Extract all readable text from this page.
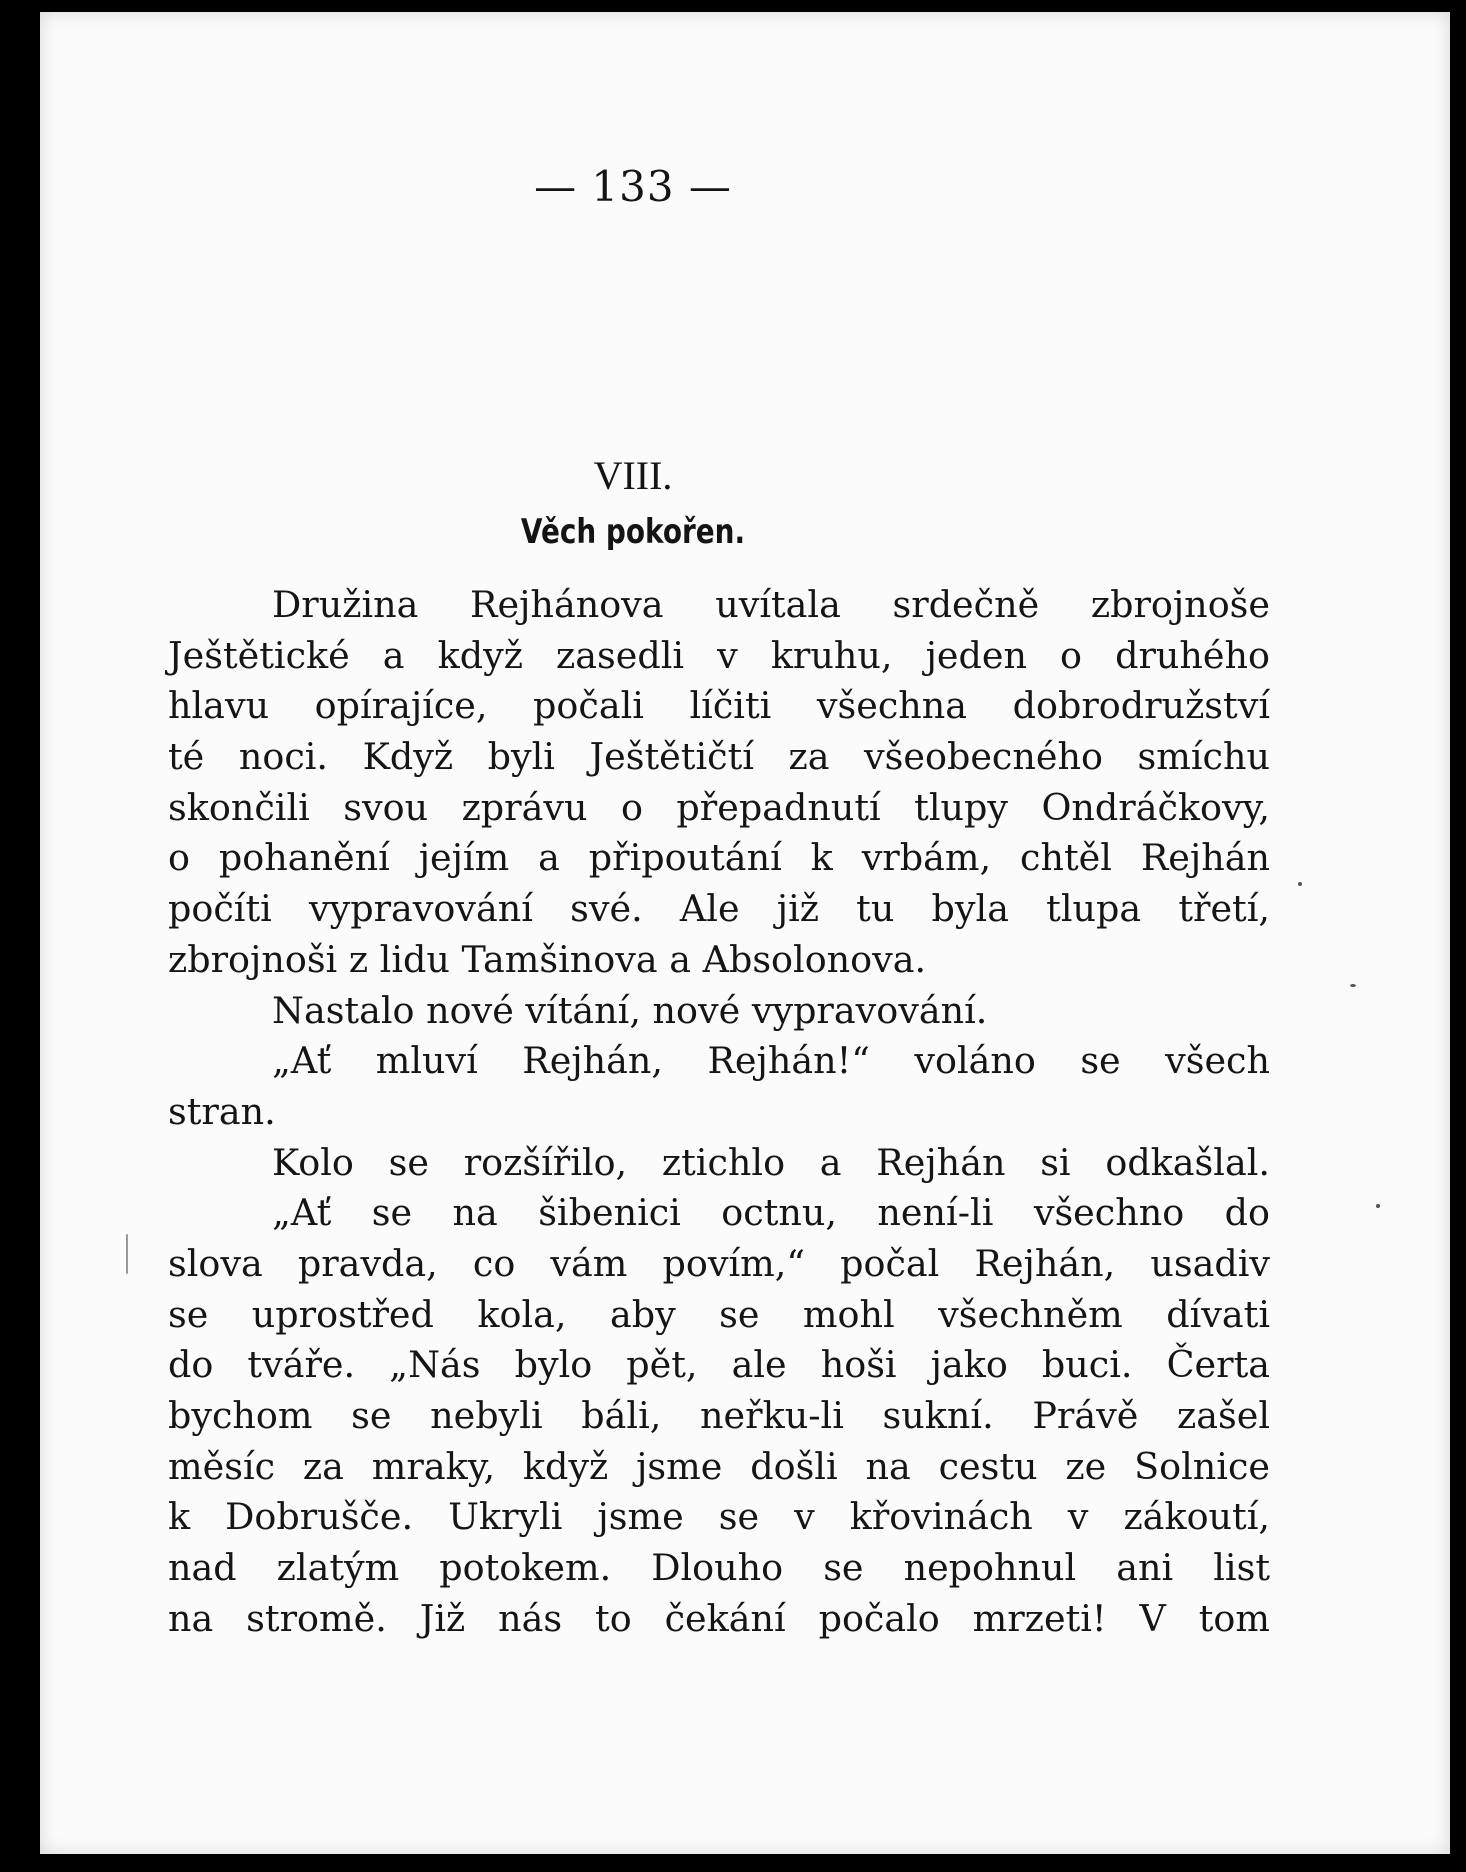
— 133 —
VIII.
Věch pokořen.
Družina Rejhánova uvítala srdečně zbrojnoše
Ještětické a když zasedli v kruhu, jeden o druhého
hlavu opírajíce, počali líčiti všechna dobrodružství
té noci. Když byli Ještětičtí za všeobecného smíchu
skončili svou zprávu o přepadnutí tlupy Ondráčkovy,
o pohanění jejím a připoutání k vrbám, chtěl Rejhán
počíti vypravování své. Ale již tu byla tlupa třetí,
zbrojnoši z lidu Tamšinova a Absolonova.
Nastalo nové vítání, nové vypravování.
„Ať mluví Rejhán, Rejhán!“ voláno se všech
stran.
Kolo se rozšířilo, ztichlo a Rejhán si odkašlal.
„Ať se na šibenici octnu, není-li všechno do
slova pravda, co vám povím,“ počal Rejhán, usadiv
se uprostřed kola, aby se mohl všechněm dívati
do tváře. „Nás bylo pět, ale hoši jako buci. Čerta
bychom se nebyli báli, neřku-li sukní. Právě zašel
měsíc za mraky, když jsme došli na cestu ze Solnice
k Dobrušče. Ukryli jsme se v křovinách v zákoutí,
nad zlatým potokem. Dlouho se nepohnul ani list
na stromě. Již nás to čekání počalo mrzeti! V tom
